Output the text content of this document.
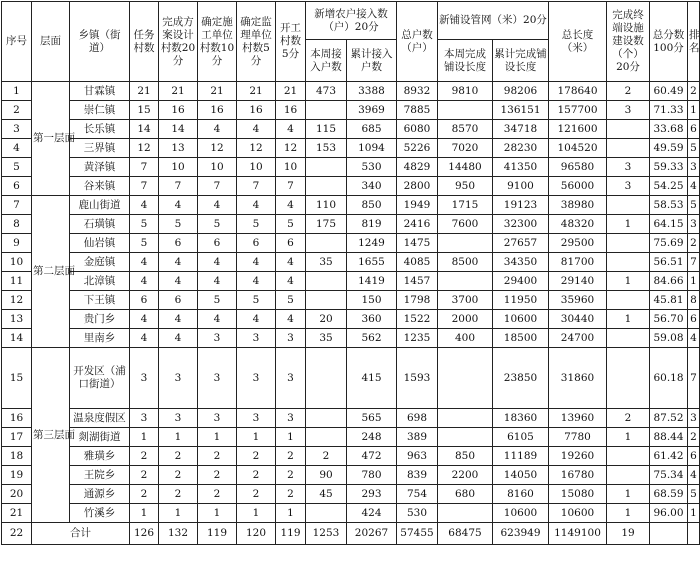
序号	层面	乡镇（街道）	任务村数	完成方案设计村数20分	确定施工单位村数10分	确定监理单位村数5分	开工村数5分	新增农户接入数（户）20分		总户数（户）	新铺设管网（米）20分		总长度（米）	完成终端设施建设数（个）20分	总分数100分	排名
								本周接入户数	累计接入户数		本周完成铺设长度	累计完成铺设长度				
1	第一层面	甘霖镇	21	21	21	21	21	473	3388	8932	9810	98206	178640	2	60.49	2
2		崇仁镇	15	16	16	16	16		3969	7885		136151	157700	3	71.33	1
3		长乐镇	14	14	4	4	4	115	685	6080	8570	34718	121600		33.68	6
4		三界镇	12	13	12	12	12	153	1094	5226	7020	28230	104520		49.59	5
5		黄泽镇	7	10	10	10	10		530	4829	14480	41350	96580	3	59.33	3
6		谷来镇	7	7	7	7	7		340	2800	950	9100	56000	3	54.25	4
7	第二层面	鹿山街道	4	4	4	4	4	110	850	1949	1715	19123	38980		58.53	5
8		石璜镇	5	5	5	5	5	175	819	2416	7600	32300	48320	1	64.15	3
9		仙岩镇	5	6	6	6	6		1249	1475		27657	29500		75.69	2
10		金庭镇	4	4	4	4	4	35	1655	4085	8500	34350	81700		56.51	7
11		北漳镇	4	4	4	4	4		1419	1457		29400	29140	1	84.66	1
12		下王镇	6	6	5	5	5		150	1798	3700	11950	35960		45.81	8
13		贵门乡	4	4	4	4	4	20	360	1522	2000	10600	30440	1	56.70	6
14		里南乡	4	4	3	3	3	35	562	1235	400	18500	24700		59.08	4
15	第三层面	开发区（浦口街道）	3	3	3	3	3		415	1593		23850	31860		60.18	7
16		温泉度假区	3	3	3	3	3		565	698		18360	13960	2	87.52	3
17		剡湖街道	1	1	1	1	1		248	389		6105	7780	1	88.44	2
18		雅璜乡	2	2	2	2	2	2	472	963	850	11189	19260		61.42	6
19		王院乡	2	2	2	2	2	90	780	839	2200	14050	16780		75.34	4
20		通源乡	2	2	2	2	2	45	293	754	680	8160	15080	1	68.59	5
21		竹溪乡	1	1	1	1	1		424	530		10600	10600	1	96.00	1
22	合计		126	132	119	120	119	1253	20267	57455	68475	623949	1149100	19		
